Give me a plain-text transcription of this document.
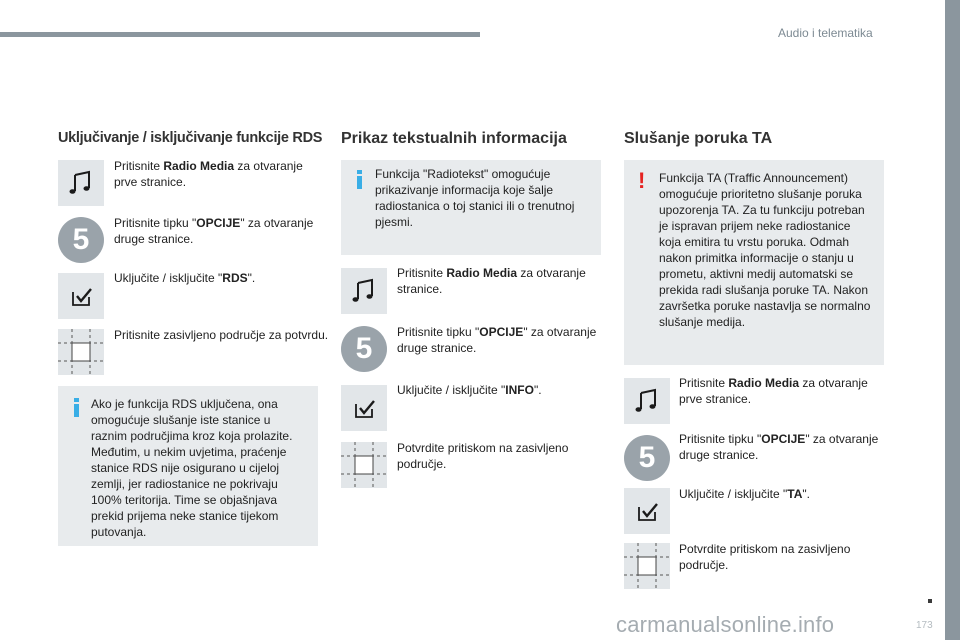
Audio i telematika
Uključivanje / isključivanje funkcije RDS
Pritisnite Radio Media za otvaranje prve stranice.
5	Pritisnite tipku "OPCIJE" za otvaranje druge stranice.
Uključite / isključite "RDS".
Pritisnite zasivljeno područje za potvrdu.
Ako je funkcija RDS uključena, ona omogućuje slušanje iste stanice u raznim područjima kroz koja prolazite. Međutim, u nekim uvjetima, praćenje stanice RDS nije osigurano u cijeloj zemlji, jer radiostanice ne pokrivaju 100% teritorija. Time se objašnjava prekid prijema neke stanice tijekom putovanja.
Prikaz tekstualnih informacija
Funkcija "Radiotekst" omogućuje prikazivanje informacija koje šalje radiostanica o toj stanici ili o trenutnoj pjesmi.
Pritisnite Radio Media za otvaranje stranice.
5	Pritisnite tipku "OPCIJE" za otvaranje druge stranice.
Uključite / isključite "INFO".
Potvrdite pritiskom na zasivljeno područje.
Slušanje poruka TA
! Funkcija TA (Traffic Announcement) omogućuje prioritetno slušanje poruka upozorenja TA. Za tu funkciju potreban je ispravan prijem neke radiostanice koja emitira tu vrstu poruka. Odmah nakon primitka informacije o stanju u prometu, aktivni medij automatski se prekida radi slušanja poruke TA. Nakon završetka poruke nastavlja se normalno slušanje medija.
Pritisnite Radio Media za otvaranje prve stranice.
5
Pritisnite tipku "OPCIJE" za otvaranje druge stranice.
Uključite / isključite "TA".
Potvrdite pritiskom na zasivljeno područje.
carmanualsonline.info	173
